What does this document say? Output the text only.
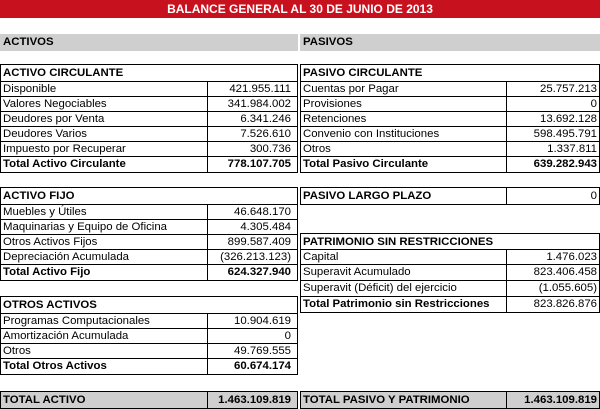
BALANCE GENERAL AL 30 DE JUNIO DE 2013
ACTIVOS	PASIVOS
ACTIVO CIRCULANTE
Disponible	421.955.111
Valores Negociables	341.984.002
Deudores por Venta	6.341.246
Deudores Varios	7.526.610
Impuesto por Recuperar	300.736
Total Activo Circulante	778.107.705
ACTIVO FIJO
Muebles y Útiles	46.648.170
Maquinarias y Equipo de Oficina	4.305.484
Otros Activos Fijos	899.587.409
Depreciación Acumulada	(326.213.123)
Total Activo Fijo	624.327.940
OTROS ACTIVOS
Programas Computacionales	10.904.619
Amortización Acumulada	0
Otros	49.769.555
Total Otros Activos	60.674.174
TOTAL ACTIVO	1.463.109.819
PASIVO CIRCULANTE
Cuentas por Pagar	25.757.213
Provisiones	0
Retenciones	13.692.128
Convenio con Instituciones	598.495.791
Otros	1.337.811
Total Pasivo Circulante	639.282.943
PASIVO LARGO PLAZO	0
PATRIMONIO SIN RESTRICCIONES
Capital	1.476.023
Superavit Acumulado	823.406.458
Superavit (Déficit) del ejercicio	(1.055.605)
Total Patrimonio sin Restricciones	823.826.876
TOTAL PASIVO Y PATRIMONIO	1.463.109.819
